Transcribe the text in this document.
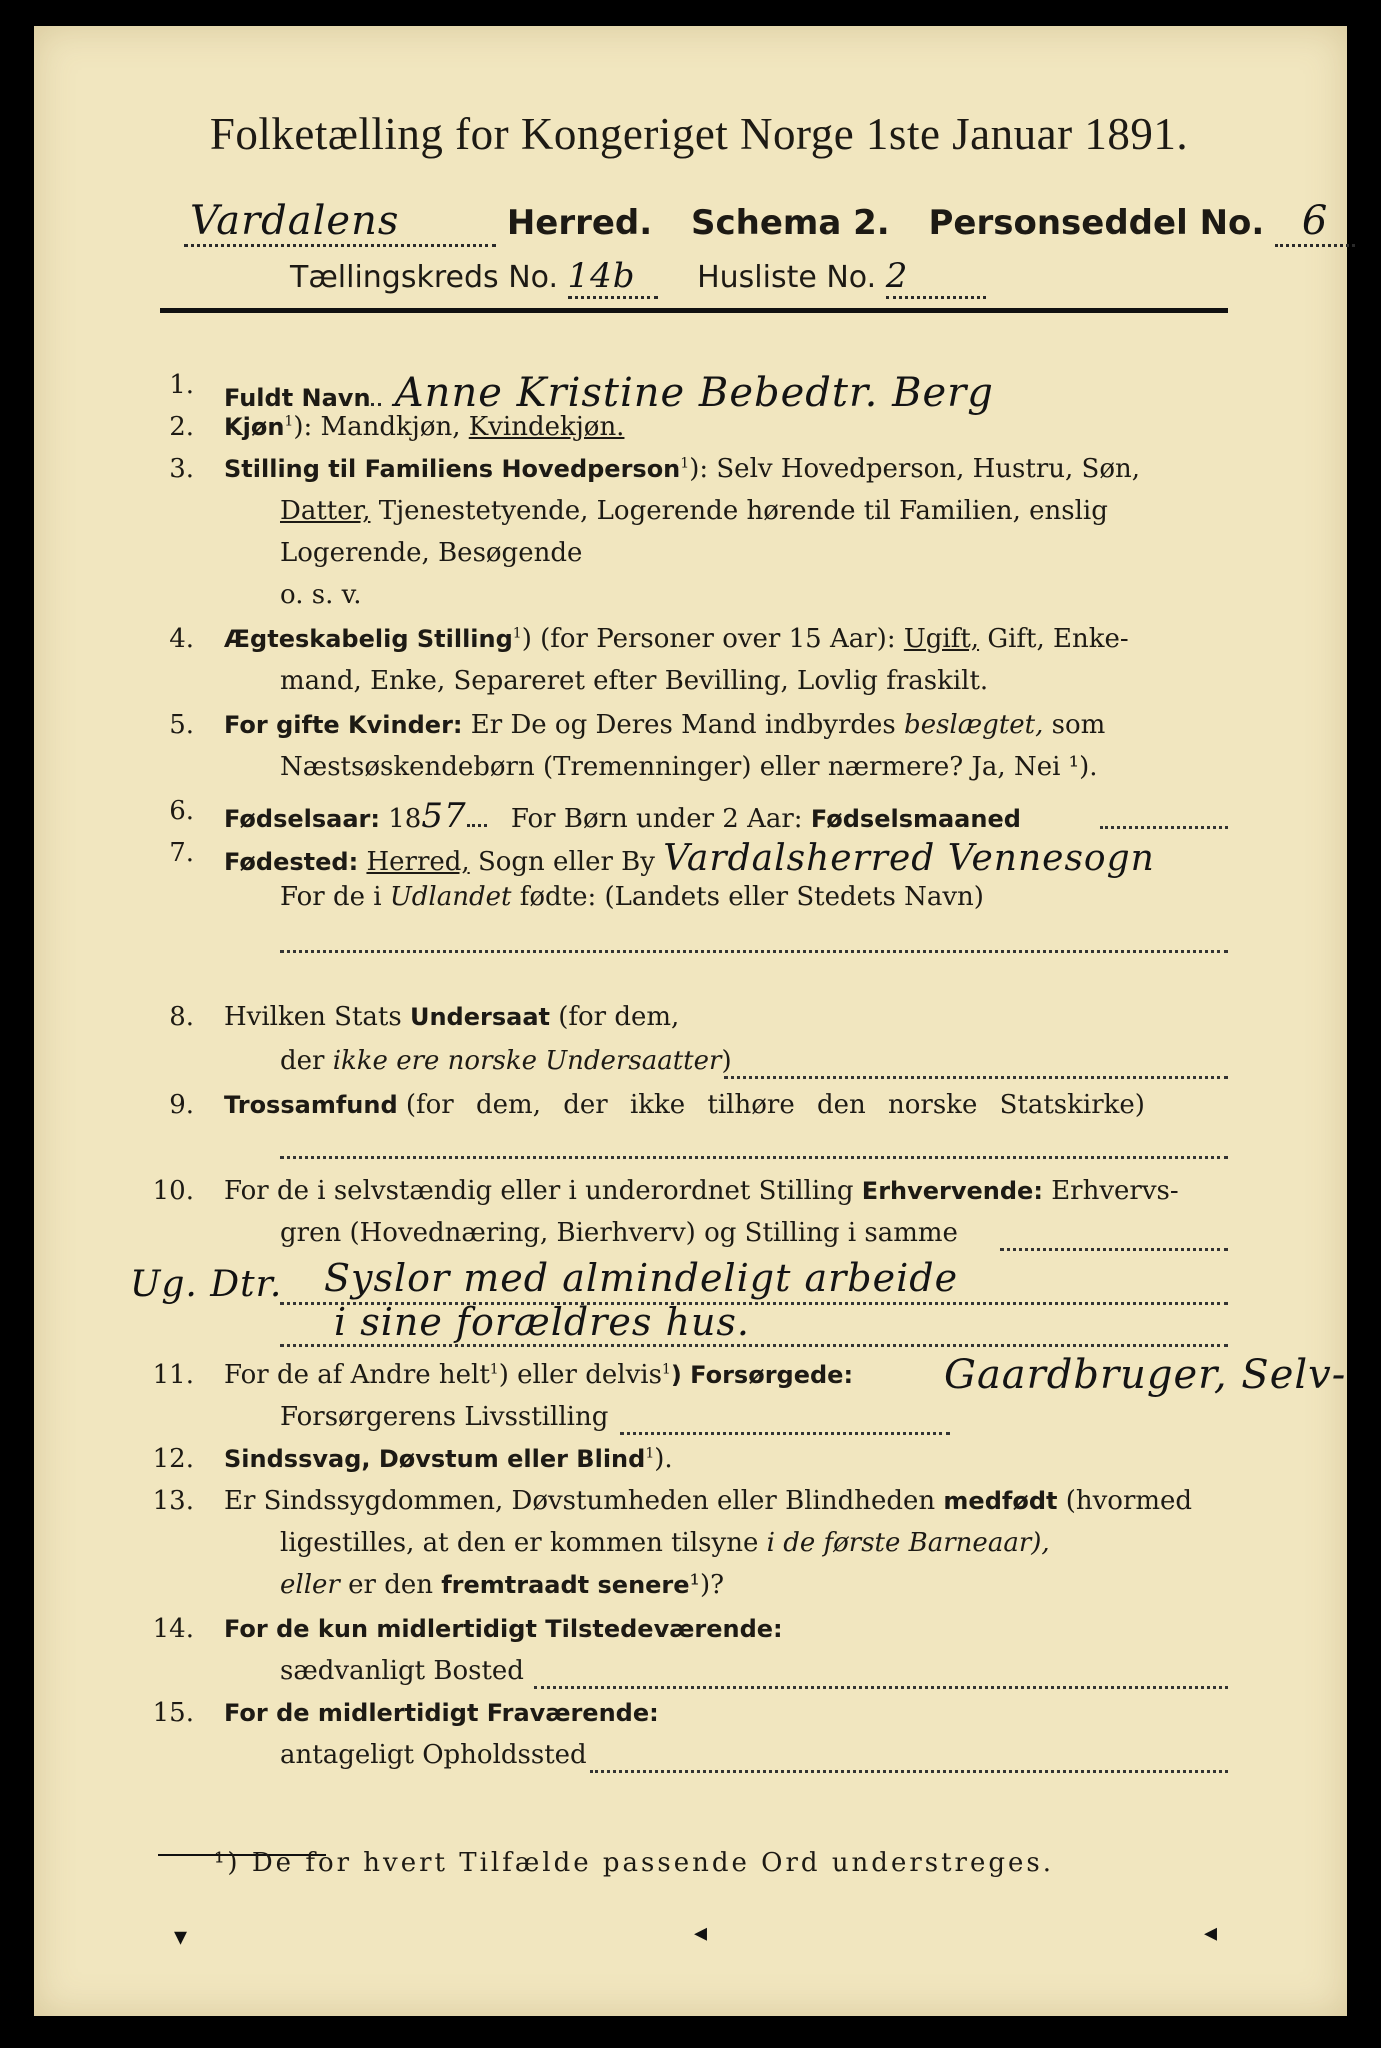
Folketælling for Kongeriget Norge 1ste Januar 1891.
Vardalens	Herred. Schema 2. Personseddel No. 6
Tællingskreds No. 14b Husliste No. 2
1. Fuldt Navn Anne Kristine Bebedtr. Berg
2. Kjøn$^1$): Mandkjøn, Kvindekjøn.
3. Stilling til Familiens Hovedperson$^1$): Selv Hovedperson, Hustru, Søn,
Datter, Tjenestetyende, Logerende hørende til Familien, enslig
Logerende, Besøgende
o. s. v.
4. Ægteskabelig Stilling$^1$) (for Personer over 15 Aar): Ugift, Gift, Enke-
mand, Enke, Separeret efter Bevilling, Lovlig fraskilt.
5. For gifte Kvinder: Er De og Deres Mand indbyrdes beslægtet, som
Næstsøskendebørn (Tremenninger) eller nærmere? Ja, Nei ¹).
6. Fødselsaar: 1857 For Børn under 2 Aar: Fødselsmaaned
7. Fødested: Herred, Sogn eller By Vardalsherred Vennesogn
For de i Udlandet fødte: (Landets eller Stedets Navn)
8. Hvilken Stats Undersaat (for dem,
der ikke ere norske Undersaatter)
9. Trossamfund (for dem, der ikke tilhøre den norske Statskirke)
10. For de i selvstændig eller i underordnet Stilling Erhvervende: Erhvervs-
gren (Hovednæring, Bierhverv) og Stilling i samme
Ug. Dtr. Syslor med almindeligt arbeide
i sine forældres hus.
11. For de af Andre helt$^1$) eller delvis$^1$) Forsørgede: Gaardbruger, Selv-
Forsørgerens Livsstilling
12. Sindssvag, Døvstum eller Blind$^1$).
13. Er Sindssygdommen, Døvstumheden eller Blindheden medfødt (hvormed
ligestilles, at den er kommen tilsyne i de første Barneaar),
eller er den fremtraadt senere¹)?
14. For de kun midlertidigt Tilstedeværende:
sædvanligt Bosted
15. For de midlertidigt Fraværende:
antageligt Opholdssted
¹) De for hvert Tilfælde passende Ord understreges.
▾	◂	◂
